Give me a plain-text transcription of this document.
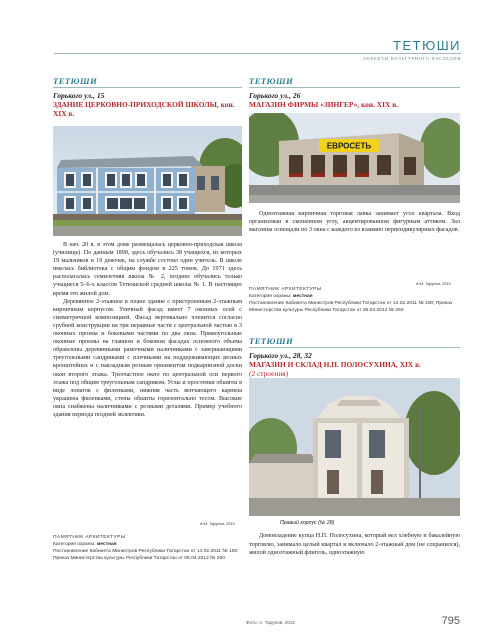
ТЕТЮШИ
ОБЪЕКТЫ КУЛЬТУРНОГО НАСЛЕДИЯ
ТЕТЮШИ
Горького ул., 15
ЗДАНИЕ ЦЕРКОВНО-ПРИХОДСКОЙ ШКОЛЫ, кон. XIX в.

В нач. 20 в. в этом доме размещалась церковно-приходская школа (училище). По данным 1898, здесь обучались 38 учащихся, из которых 19 мальчиков и 19 девочек, на службе состоял один учитель. В школе имелась библиотека с общим фондом в 225 томов. До 1971 здесь располагалась семилетняя школа № 2, позднее обучались только учащиеся 5–6-х классов Тетюшской средней школы № 1. В настоящее время это жилой дом.

Деревянное 2-этажное в плане здание с пристроенным 2-этажным кирпичным корпусом. Уличный фасад имеет 7 оконных осей с симметричной композицией. Фасад вертикально членится согласно срубной конструкции на три неравные части с центральной частью в 3 оконных проема и боковыми частями по два окна. Прямоугольные оконные проемы на главном и боковом фасадах основного объема обрамлены деревянными рамочными наличниками с завершающими треугольными сандриками с плечиками на поддерживающих резных кронштейнах и с накладным резным орнаментом подкарнизной доски окон второго этажа. Трехчастное окно по центральной оси первого этажа под общим треугольным сандриком. Углы и простенки обшиты в виде лопаток с филенками, нижняя часть венчающего карниза украшена филенками, стены обшиты горизонтально тесом. Высокие окна снабжены наличниками с резными деталями. Пример учебного здания периода поздней эклектики.

А.М. Тарунов, 2016
ПАМЯТНИК АРХИТЕКТУРЫ
Категория охраны: местная
Постановление Кабинета Министров Республики Татарстан от 14.02.2011 № 100; Приказ Министерства культуры Республики Татарстан от 06.04.2012 № 250
ТЕТЮШИ
Горького ул., 26
МАГАЗИН ФИРМЫ «ЗИНГЕР», кон. XIX в.
ЕВРОСЕТЬ

Одноэтажная кирпичная торговая лавка занимает угол квартала. Вход организован в скошенном углу, акцентированном фигурным аттиком. Зал магазина освещали по 3 окна с каждого из взаимно перпендикулярных фасадов.

А.М. Тарунов, 2016
ПАМЯТНИК АРХИТЕКТУРЫ
Категория охраны: местная
Постановление Кабинета Министров Республики Татарстан от 14.02.2011 № 100; Приказ Министерства культуры Республики Татарстан от 06.04.2012 № 250
ТЕТЮШИ
Горького ул., 28, 32
МАГАЗИН И СКЛАД Н.П. ПОЛОСУХИНА, XIX в.
(2 строения)
Правый корпус (№ 28)

Домовладение купца Н.П. Полосухина, который вел хлебную и бакалейную торговлю, занимало целый квартал и включало 2-этажный дом (не сохранился), жилой одноэтажный флигель, одноэтажную

Фото: А. Тарунов, 2015	795
